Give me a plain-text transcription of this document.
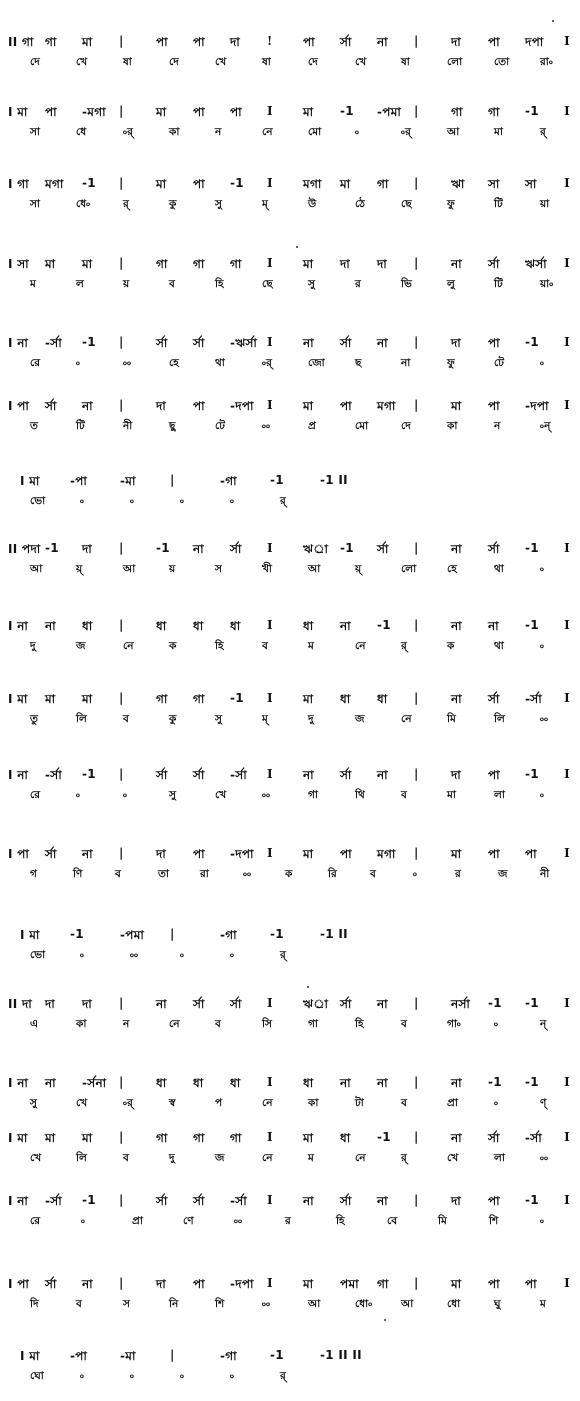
II গা গা মা |	পা পা দা !	পা র্সা না |	দা পা দপা I
দে	খে	ষা	দে	খে	ষা	দে	খে	ষা	লো	তো	রা৹
I মা পা -মগা |	মা পা পা I	মা -1 -পমা |	গা গা -1 I
সা	ধে	৹র্	কা	ন	নে	মো	৹	৹র্	আ	মা	র্
I গা মগা -1 |	মা পা -1 I	মগা মা গা |	ঋা সা সা I
সা	ধে৹	র্	কু	সু	ম্	উ	ঠে	ছে	ফু	টি	য়া
I সা মা মা |	গা গা গা I	মা দা দা |	না র্সা ঋর্সা I
ম	ল	য়	ব	হি	ছে	সু	র	ভি	লু	টি	য়া৹
I না -র্সা -1 |	র্সা র্সা -ঋর্সা I	না র্সা না |	দা পা -1 I
রে	৹	৹৹	হে	থা	৹র্	জো	ছ	না	ফু	টে	৹
I পা র্সা না |	দা পা -দপা I	মা পা মগা |	মা পা -দপা I
ত	টি	নী	ছু	টে	৹৹	প্র	মো	দে	কা	ন	৹ন্
I মা	-পা	-মা	|	-গা	-1	-1 II
ভো	৹	৹	৹	৹	র্
II পদা -1 দা |	-1 না র্সা I	ঋর্া -1 র্সা |	না র্সা -1 I
আ	য়্	আ	য়	স	খী	আ	য়্	লো	হে	থা	৹
I না না ধা |	ধা ধা ধা I	ধা না -1 |	না না -1 I
দু	জ	নে	ক	হি	ব	ম	নে	র্	ক	থা	৹
I মা মা মা |	গা গা -1 I	মা ধা ধা |	না র্সা -র্সা I
তু	লি	ব	কু	সু	ম্	দু	জ	নে	মি	লি	৹৹
I না -র্সা -1 |	র্সা র্সা -র্সা I	না র্সা না |	দা পা -1 I
রে	৹	৹	সু	খে	৹৹	গা	থি	ব	মা	লা	৹
I পা র্সা না |	দা পা -দপা I	মা পা মগা |	মা পা পা I
গ	ণি	ব	তা	রা	৹৹	ক	রি	ব	৹	র	জ	নী
I মা	-1	-পমা |	-গা	-1	-1 II
ভো	৹	৹৹	৹	৹	র্
II দা দা দা |	না র্সা র্সা I	ঋর্া র্সা না |	নর্সা -1 -1 I
এ	কা	ন	নে	ব	সি	গা	হি	ব	গা৹	৹	ন্
I না না -র্সনা |	ধা ধা ধা I	ধা না না |	না -1 -1 I
সু	খে	৹র্	স্ব	প	নে	কা	টা	ব	প্রা	৹	ণ্
I মা মা মা |	গা গা গা I	মা ধা -1 |	না র্সা -র্সা I
খে	লি	ব	দু	জ	নে	ম	নে	র্	খে	লা	৹৹
I না -র্সা -1 |	র্সা র্সা -র্সা I	না র্সা না |	দা পা -1 I
রে	৹	প্রা	ণে	৹৹	র	হি	বে	মি	শি	৹
I পা র্সা না |	দা পা -দপা I	মা পমা গা |	মা পা পা I
দি	ব	স	নি	শি	৹৹	আ	ধো৹	আ	ধো	ঘু	ম
I মা	-পা	-মা	|	-গা	-1	-1 II II
ঘো	৹	৹	৹	৹	র্
